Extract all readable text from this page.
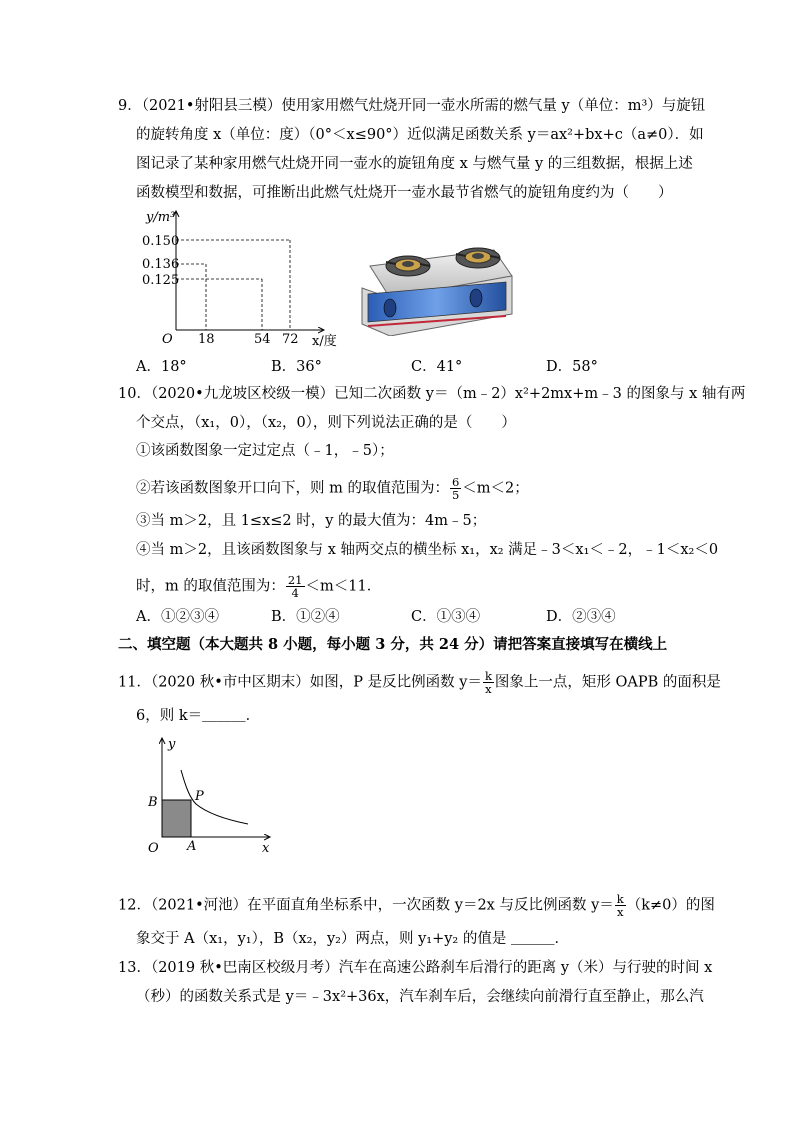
9．（2021•射阳县三模）使用家用燃气灶烧开同一壶水所需的燃气量 y（单位：m³）与旋钮
的旋转角度 x（单位：度）（0°＜x≤90°）近似满足函数关系 y＝ax²+bx+c（a≠0）．如
图记录了某种家用燃气灶烧开同一壶水的旋钮角度 x 与燃气量 y 的三组数据，根据上述
函数模型和数据，可推断出此燃气灶烧开一壶水最节省燃气的旋钮角度约为（　　）
y/m³
0.150
0.136
0.125
O 18	54 72 x/度
A．18°	B．36°	C．41°	D．58°
10．（2020•九龙坡区校级一模）已知二次函数 y＝（m﹣2）x²+2mx+m﹣3 的图象与 x 轴有两
个交点，（x₁，0），（x₂，0），则下列说法正确的是（　　）
①该函数图象一定过定点（﹣1，﹣5）；
②若该函数图象开口向下，则 m 的取值范围为： $\frac{6}{5} <m<2$；
③当 m＞2，且 1≤x≤2 时，y 的最大值为：4m﹣5；
④当 m＞2，且该函数图象与 x 轴两交点的横坐标 x₁，x₂ 满足﹣3＜x₁＜﹣2，﹣1＜x₂＜0
时，m 的取值范围为： $\frac{21}{4} <m<11$．
A．①②③④	B．①②④	C．①③④	D．②③④
二、填空题（本大题共 8 小题，每小题 3 分，共 24 分）请把答案直接填写在横线上
11．（2020 秋•市中区期末）如图，P 是反比例函数 $y= \frac{k}{x}$ 图象上一点，矩形 OAPB 的面积是
6，则 k＝＿＿＿．
y
B	P
O A	x
12．（2021•河池）在平面直角坐标系中，一次函数 y＝2x 与反比例函数 $y= \frac{k}{x} (k\ne 0)$的图
象交于 A（x₁，y₁），B（x₂，y₂）两点，则 y₁+y₂ 的值是 ＿＿＿．
13．（2019 秋•巴南区校级月考）汽车在高速公路刹车后滑行的距离 y（米）与行驶的时间 x
（秒）的函数关系式是 y＝﹣3x²+36x，汽车刹车后，会继续向前滑行直至静止，那么汽
